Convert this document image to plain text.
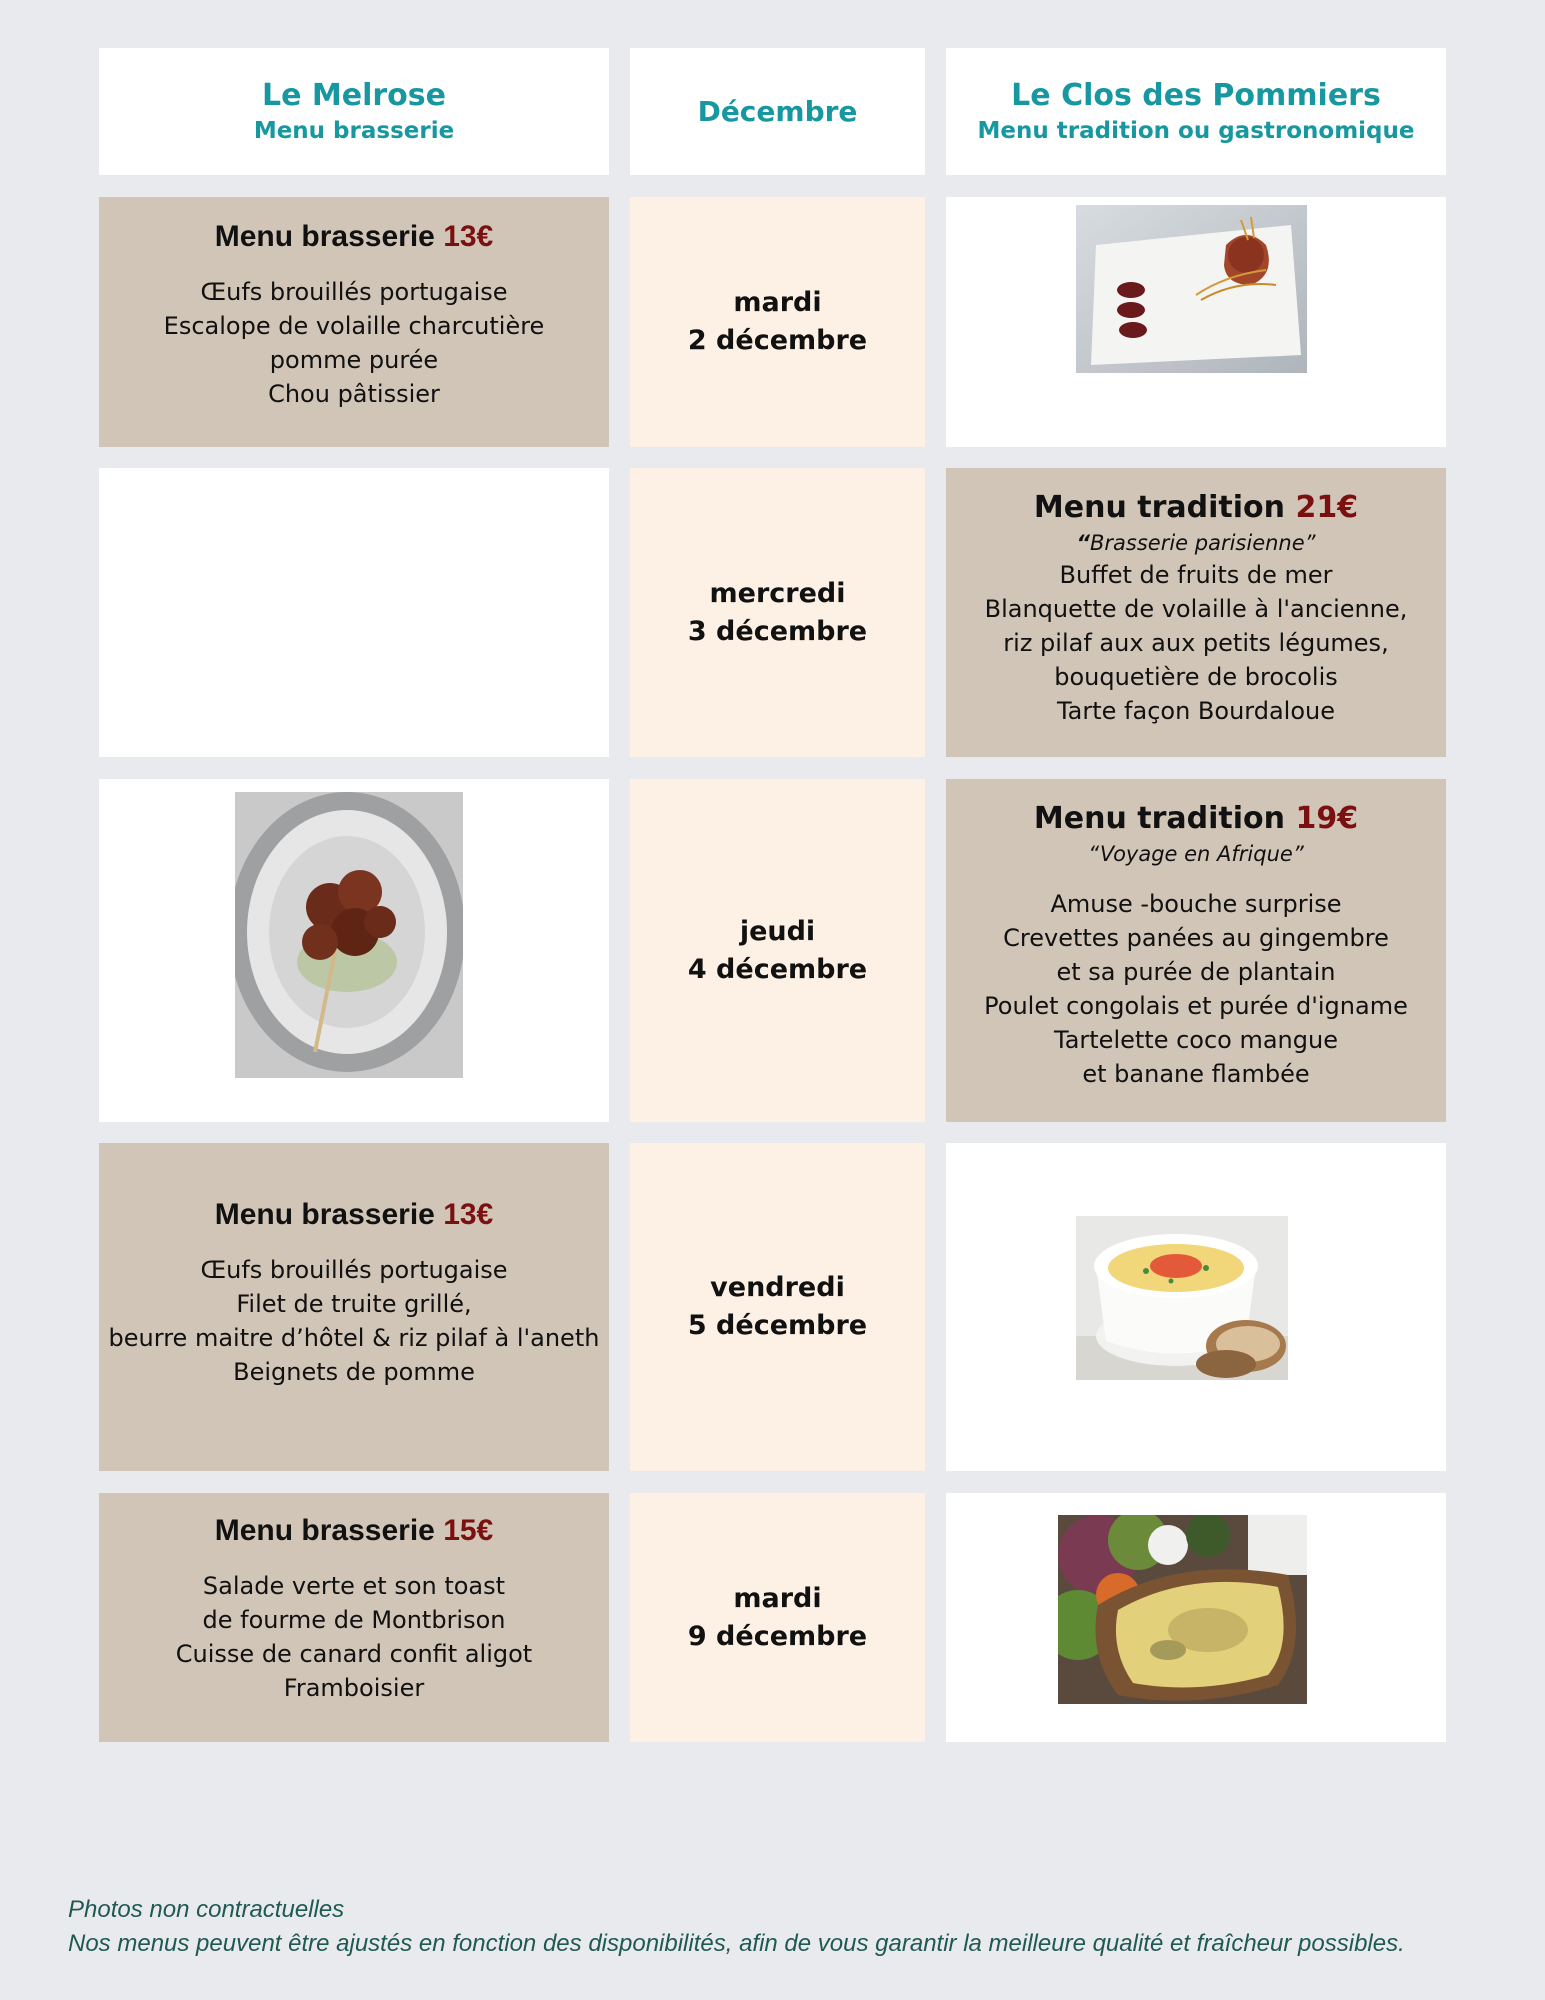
Le Melrose
Menu brasserie
Décembre	Le Clos des Pommiers
Menu tradition ou gastronomique
Menu brasserie 13€
Œufs brouillés portugaise
Escalope de volaille charcutière
pomme purée
Chou pâtissier
mardi
2 décembre
mercredi
3 décembre
Menu tradition 21€
“Brasserie parisienne”
Buffet de fruits de mer
Blanquette de volaille à l'ancienne,
riz pilaf aux aux petits légumes,
bouquetière de brocolis
Tarte façon Bourdaloue
jeudi
4 décembre
Menu tradition 19€
“Voyage en Afrique”
Amuse -bouche surprise
Crevettes panées au gingembre
et sa purée de plantain
Poulet congolais et purée d'igname
Tartelette coco mangue
et banane flambée
Menu brasserie 13€
Œufs brouillés portugaise
Filet de truite grillé,
beurre maitre d’hôtel & riz pilaf à l'aneth
Beignets de pomme
vendredi
5 décembre
Menu brasserie 15€
Salade verte et son toast
de fourme de Montbrison
Cuisse de canard confit aligot
Framboisier
mardi
9 décembre
Photos non contractuelles
Nos menus peuvent être ajustés en fonction des disponibilités, afin de vous garantir la meilleure qualité et fraîcheur possibles.
